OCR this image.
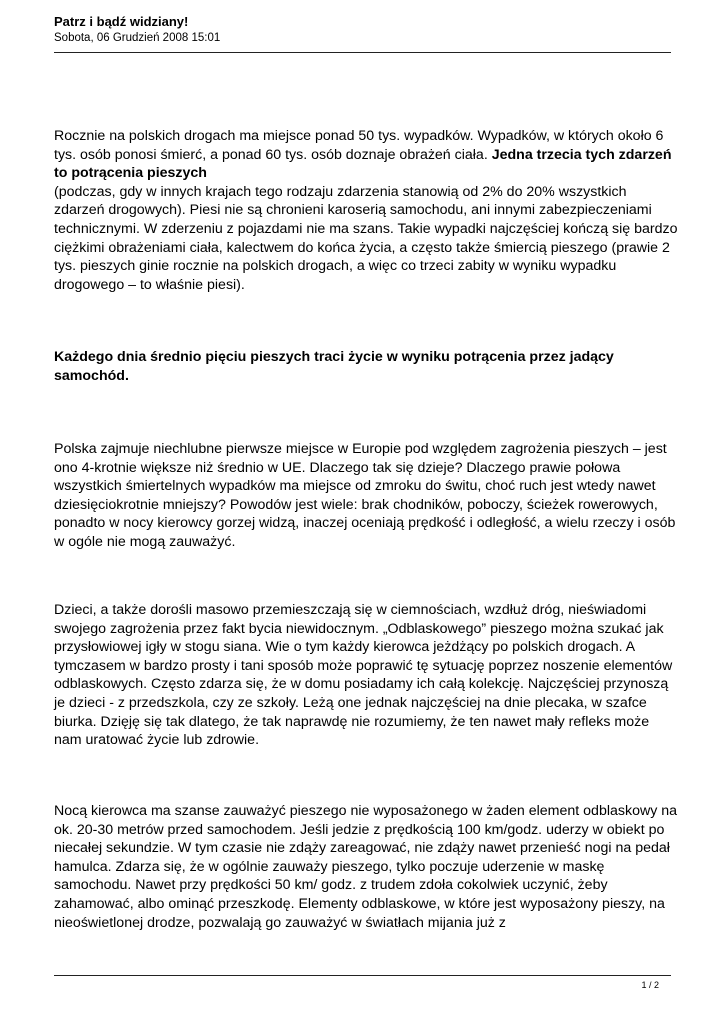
Patrz i bądź widziany!

Sobota, 06 Grudzień 2008 15:01

Rocznie na polskich drogach ma miejsce ponad 50 tys. wypadków. Wypadków, w których około 6 tys. osób ponosi śmierć, a ponad 60 tys. osób doznaje obrażeń ciała. Jedna trzecia tych zdarzeń to potrącenia pieszych
(podczas, gdy w innych krajach tego rodzaju zdarzenia stanowią od 2% do 20% wszystkich zdarzeń drogowych). Piesi nie są chronieni karoserią samochodu, ani innymi zabezpieczeniami technicznymi. W zderzeniu z pojazdami nie ma szans. Takie wypadki najczęściej kończą się bardzo ciężkimi obrażeniami ciała, kalectwem do końca życia, a często także śmiercią pieszego (prawie 2 tys. pieszych ginie rocznie na polskich drogach, a więc co trzeci zabity w wyniku wypadku drogowego – to właśnie piesi).

Każdego dnia średnio pięciu pieszych traci życie w wyniku potrącenia przez jadący samochód.

Polska zajmuje niechlubne pierwsze miejsce w Europie pod względem zagrożenia pieszych – jest ono 4-krotnie większe niż średnio w UE. Dlaczego tak się dzieje? Dlaczego prawie połowa wszystkich śmiertelnych wypadków ma miejsce od zmroku do świtu, choć ruch jest wtedy nawet dziesięciokrotnie mniejszy? Powodów jest wiele: brak chodników, poboczy, ścieżek rowerowych, ponadto w nocy kierowcy gorzej widzą, inaczej oceniają prędkość i odległość, a wielu rzeczy i osób w ogóle nie mogą zauważyć.

Dzieci, a także dorośli masowo przemieszczają się w ciemnościach, wzdłuż dróg, nieświadomi swojego zagrożenia przez fakt bycia niewidocznym. „Odblaskowego” pieszego można szukać jak przysłowiowej igły w stogu siana. Wie o tym każdy kierowca jeżdżący po polskich drogach. A tymczasem w bardzo prosty i tani sposób może poprawić tę sytuację poprzez noszenie elementów odblaskowych. Często zdarza się, że w domu posiadamy ich całą kolekcję. Najczęściej przynoszą je dzieci - z przedszkola, czy ze szkoły. Leżą one jednak najczęściej na dnie plecaka, w szafce biurka. Dzięję się tak dlatego, że tak naprawdę nie rozumiemy, że ten nawet mały refleks może nam uratować życie lub zdrowie.

Nocą kierowca ma szanse zauważyć pieszego nie wyposażonego w żaden element odblaskowy na ok. 20-30 metrów przed samochodem. Jeśli jedzie z prędkością 100 km/godz. uderzy w obiekt po niecałej sekundzie. W tym czasie nie zdąży zareagować, nie zdąży nawet przenieść nogi na pedał hamulca. Zdarza się, że w ogólnie zauważy pieszego, tylko poczuje uderzenie w maskę samochodu. Nawet przy prędkości 50 km/ godz. z trudem zdoła cokolwiek uczynić, żeby zahamować, albo ominąć przeszkodę. Elementy odblaskowe, w które jest wyposażony pieszy, na nieoświetlonej drodze, pozwalają go zauważyć w światłach mijania już z

1 / 2
